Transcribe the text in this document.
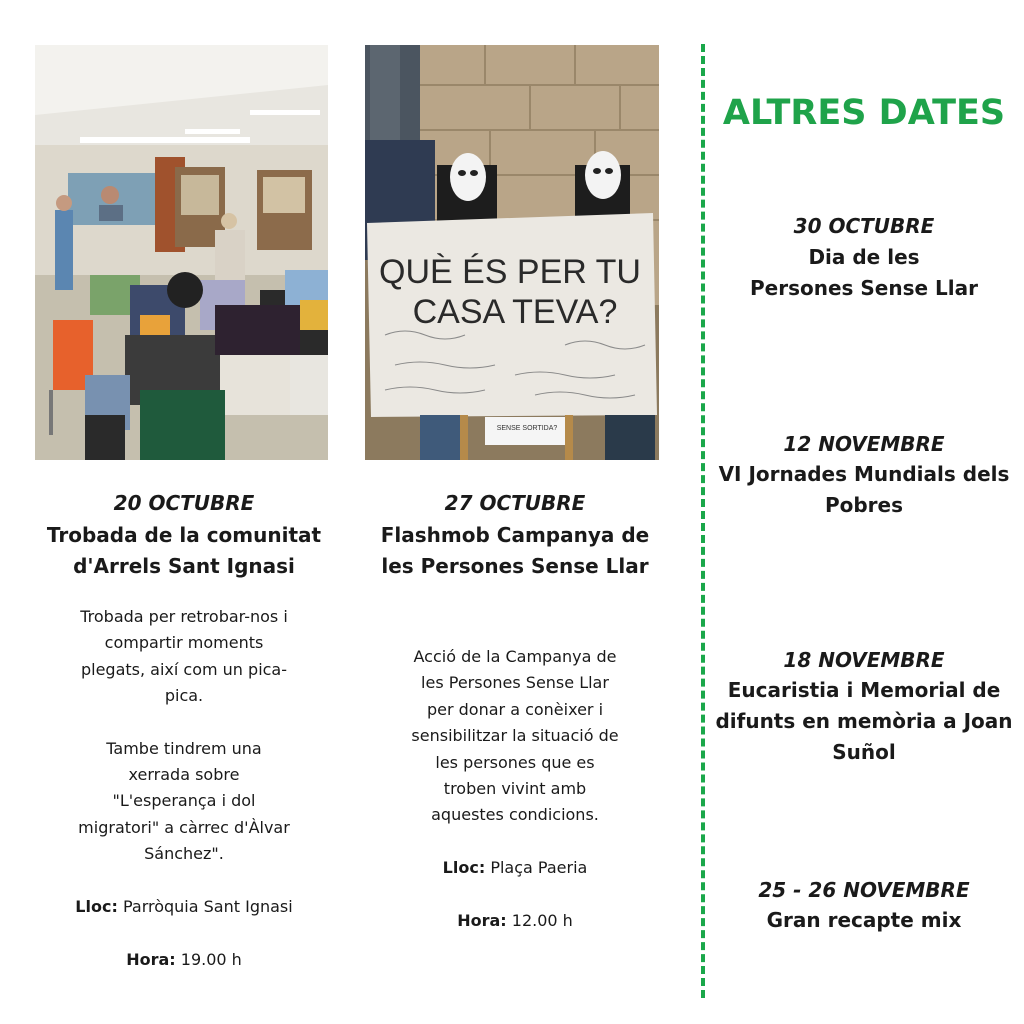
QUÈ ÉS PER TU
CASA TEVA?
SENSE SORTIDA?

20 OCTUBRE

Trobada de la comunitat
d'Arrels Sant Ignasi

Trobada per retrobar-nos i
compartir moments
plegats, així com un pica-
pica.

Tambe tindrem una
xerrada sobre
"L'esperança i dol
migratori" a càrrec d'Àlvar
Sánchez".

Lloc: Parròquia Sant Ignasi

Hora: 19.00 h

27 OCTUBRE

Flashmob Campanya de
les Persones Sense Llar

Acció de la Campanya de
les Persones Sense Llar
per donar a conèixer i
sensibilitzar la situació de
les persones que es
troben vivint amb
aquestes condicions.

Lloc: Plaça Paeria

Hora: 12.00 h

ALTRES DATES

30 OCTUBRE
Dia de les
Persones Sense Llar
12 NOVEMBRE
VI Jornades Mundials dels
Pobres
18 NOVEMBRE
Eucaristia i Memorial de
difunts en memòria a Joan
Suñol
25 - 26 NOVEMBRE
Gran recapte mix
